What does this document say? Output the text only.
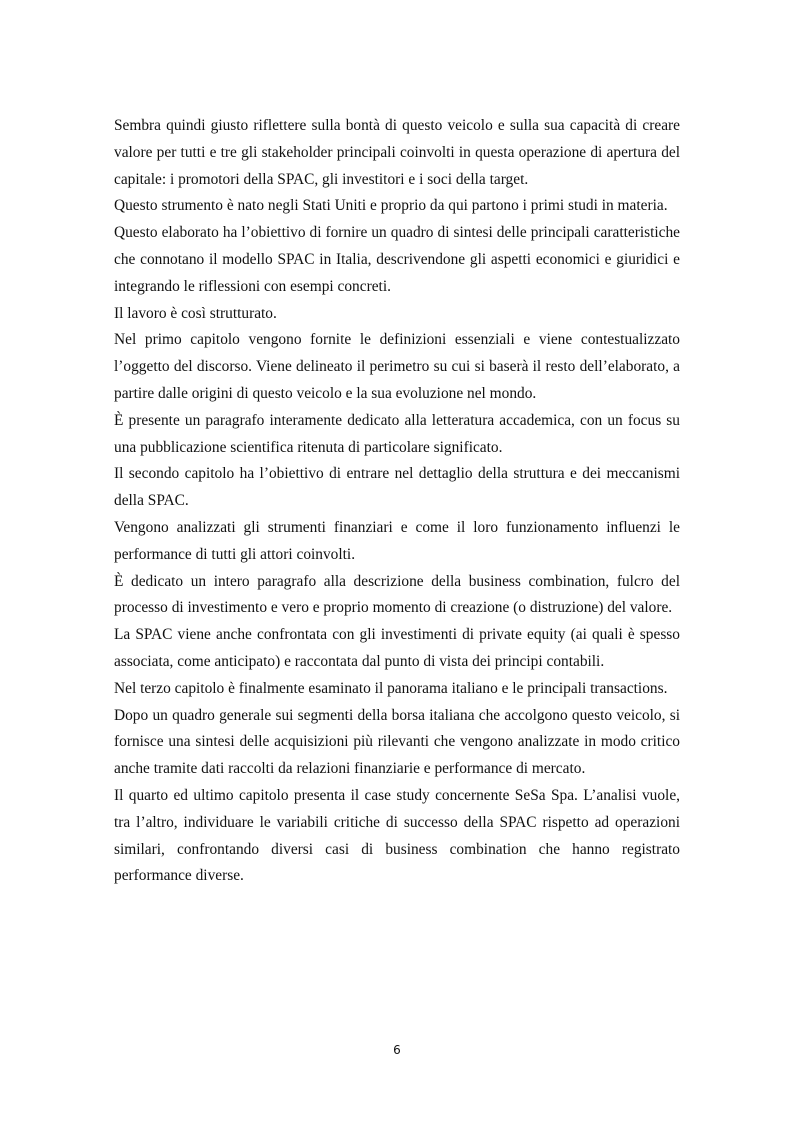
Sembra quindi giusto riflettere sulla bontà di questo veicolo e sulla sua capacità di creare valore per tutti e tre gli stakeholder principali coinvolti in questa operazione di apertura del capitale: i promotori della SPAC, gli investitori e i soci della target.

Questo strumento è nato negli Stati Uniti e proprio da qui partono i primi studi in materia.

Questo elaborato ha l’obiettivo di fornire un quadro di sintesi delle principali caratteristiche che connotano il modello SPAC in Italia, descrivendone gli aspetti economici e giuridici e integrando le riflessioni con esempi concreti.

Il lavoro è così strutturato.

Nel primo capitolo vengono fornite le definizioni essenziali e viene contestualizzato l’oggetto del discorso. Viene delineato il perimetro su cui si baserà il resto dell’elaborato, a partire dalle origini di questo veicolo e la sua evoluzione nel mondo.

È presente un paragrafo interamente dedicato alla letteratura accademica, con un focus su una pubblicazione scientifica ritenuta di particolare significato.

Il secondo capitolo ha l’obiettivo di entrare nel dettaglio della struttura e dei meccanismi della SPAC.

Vengono analizzati gli strumenti finanziari e come il loro funzionamento influenzi le performance di tutti gli attori coinvolti.

È dedicato un intero paragrafo alla descrizione della business combination, fulcro del processo di investimento e vero e proprio momento di creazione (o distruzione) del valore.

La SPAC viene anche confrontata con gli investimenti di private equity (ai quali è spesso associata, come anticipato) e raccontata dal punto di vista dei principi contabili.

Nel terzo capitolo è finalmente esaminato il panorama italiano e le principali transactions.

Dopo un quadro generale sui segmenti della borsa italiana che accolgono questo veicolo, si fornisce una sintesi delle acquisizioni più rilevanti che vengono analizzate in modo critico anche tramite dati raccolti da relazioni finanziarie e performance di mercato.

Il quarto ed ultimo capitolo presenta il case study concernente SeSa Spa. L’analisi vuole, tra l’altro, individuare le variabili critiche di successo della SPAC rispetto ad operazioni similari, confrontando diversi casi di business combination che hanno registrato performance diverse.

6
